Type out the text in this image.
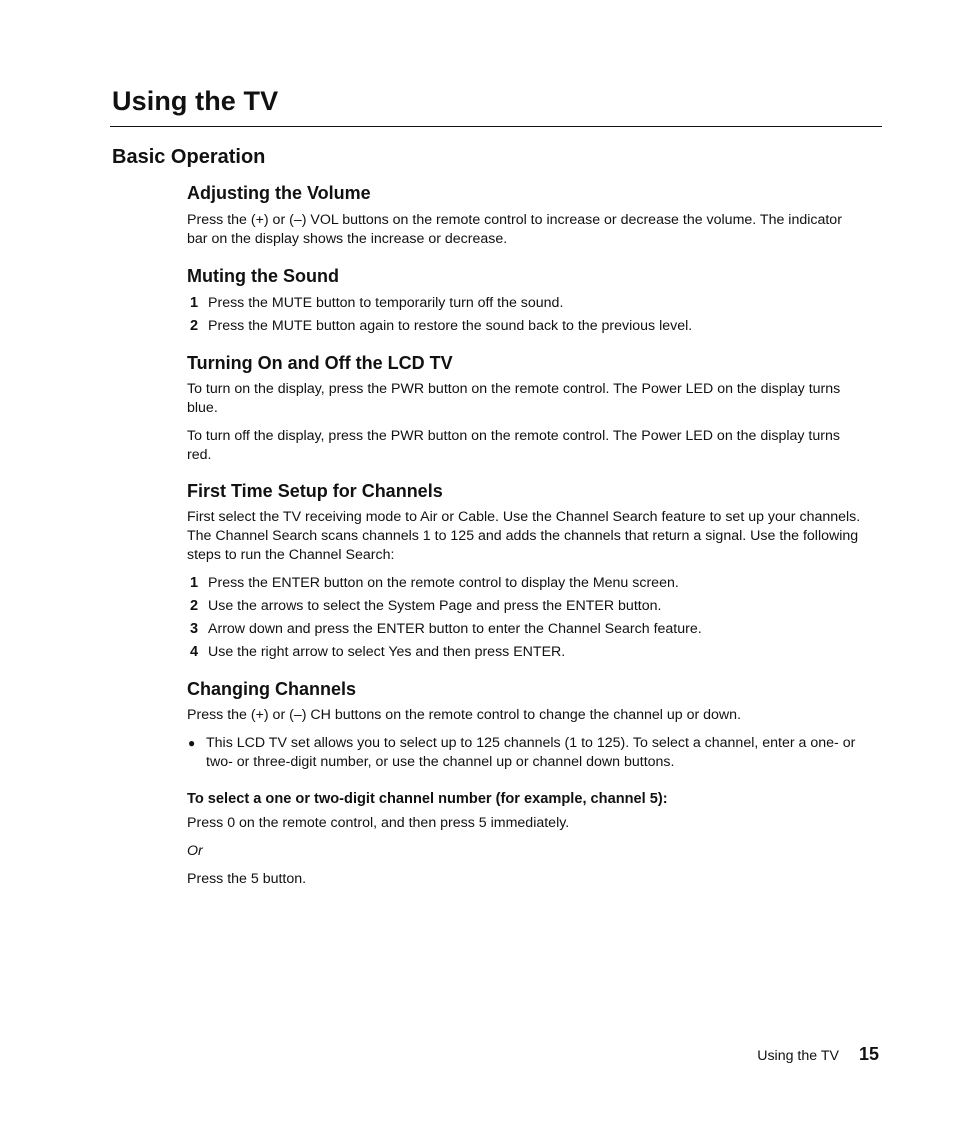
Using the TV
Basic Operation
Adjusting the Volume

Press the (+) or (–) VOL buttons on the remote control to increase or decrease the volume. The indicator bar on the display shows the increase or decrease.

Muting the Sound
1 Press the MUTE button to temporarily turn off the sound.
2 Press the MUTE button again to restore the sound back to the previous level.
Turning On and Off the LCD TV

To turn on the display, press the PWR button on the remote control. The Power LED on the display turns blue.

To turn off the display, press the PWR button on the remote control. The Power LED on the display turns red.

First Time Setup for Channels

First select the TV receiving mode to Air or Cable. Use the Channel Search feature to set up your channels. The Channel Search scans channels 1 to 125 and adds the channels that return a signal. Use the following steps to run the Channel Search:

1 Press the ENTER button on the remote control to display the Menu screen.
2 Use the arrows to select the System Page and press the ENTER button.
3 Arrow down and press the ENTER button to enter the Channel Search feature.
4 Use the right arrow to select Yes and then press ENTER.
Changing Channels

Press the (+) or (–) CH buttons on the remote control to change the channel up or down.

● This LCD TV set allows you to select up to 125 channels (1 to 125). To select a channel, enter a one- or two- or three-digit number, or use the channel up or channel down buttons.

To select a one or two-digit channel number (for example, channel 5):

Press 0 on the remote control, and then press 5 immediately.

Or

Press the 5 button.

Using the TV 15
